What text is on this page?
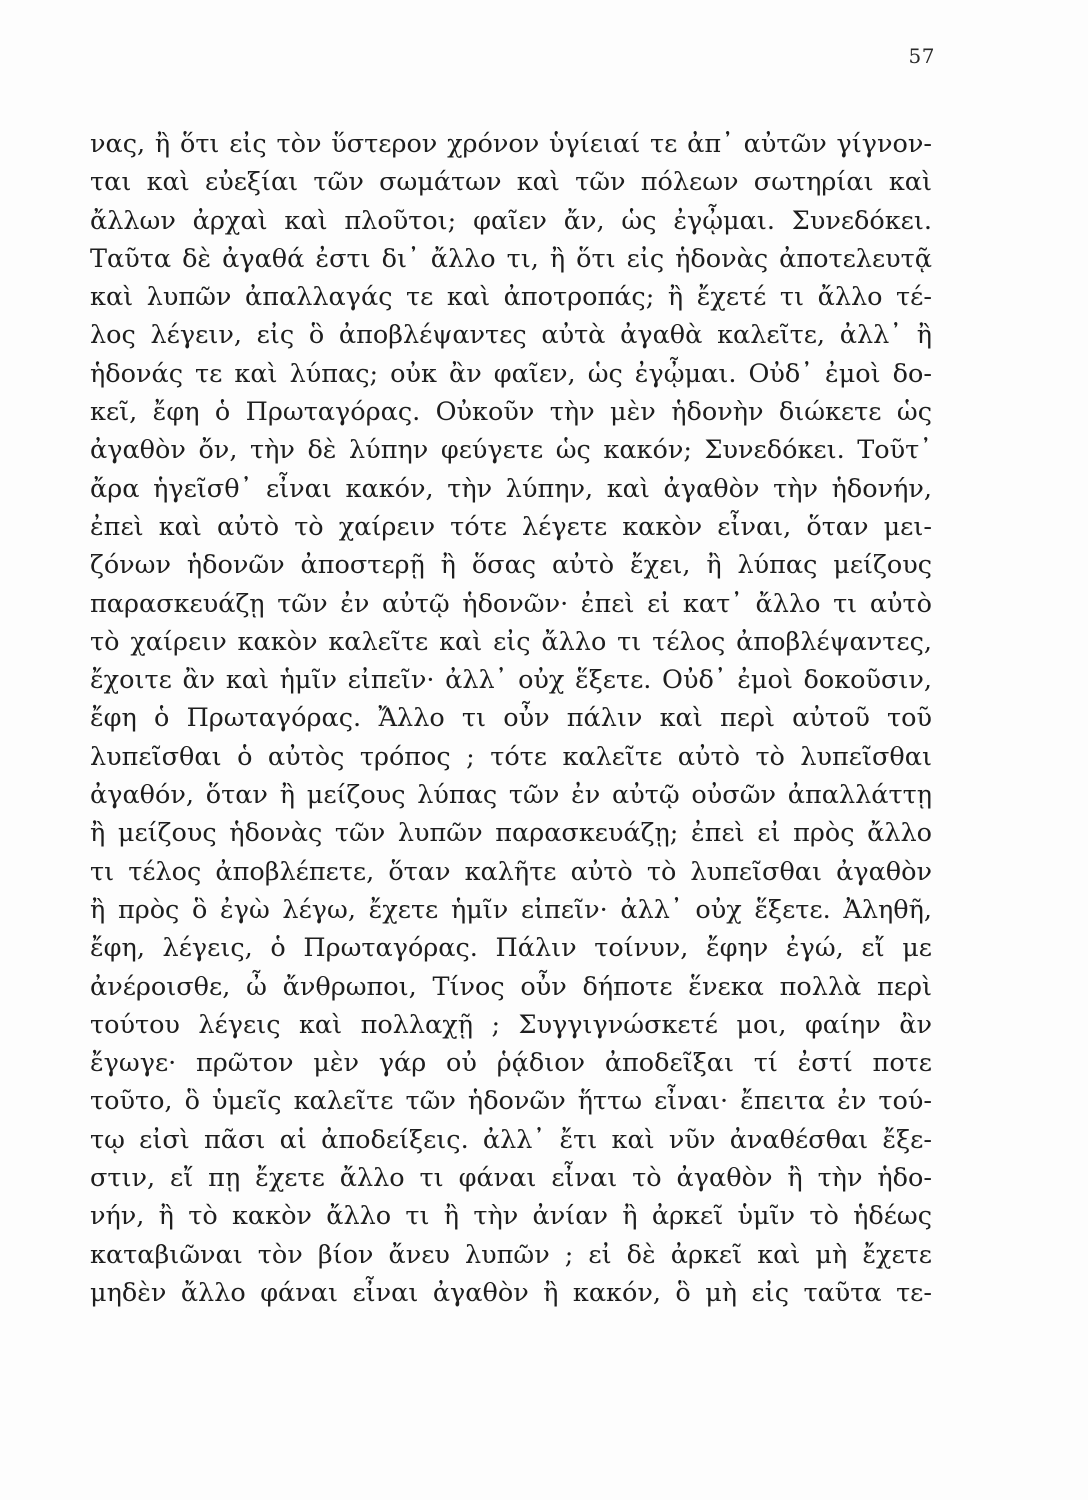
57
νας, ἢ ὅτι εἰς τὸν ὕστερον χρόνον ὑγίειαί τε ἀπ᾽ αὐτῶν γίγνον-
ται καὶ εὐεξίαι τῶν σωμάτων καὶ τῶν πόλεων σωτηρίαι καὶ
ἄλλων ἀρχαὶ καὶ πλοῦτοι; φαῖεν ἄν, ὡς ἐγᾦμαι. Συνεδόκει.
Ταῦτα δὲ ἀγαθά ἐστι δι᾽ ἄλλο τι, ἢ ὅτι εἰς ἡδονὰς ἀποτελευτᾷ
καὶ λυπῶν ἀπαλλαγάς τε καὶ ἀποτροπάς; ἢ ἔχετέ τι ἄλλο τέ-
λος λέγειν, εἰς ὃ ἀποβλέψαντες αὐτὰ ἀγαθὰ καλεῖτε, ἀλλ᾽ ἢ
ἡδονάς τε καὶ λύπας; οὐκ ἂν φαῖεν, ὡς ἐγᾦμαι. Οὐδ᾽ ἐμοὶ δο-
κεῖ, ἔφη ὁ Πρωταγόρας. Οὐκοῦν τὴν μὲν ἡδονὴν διώκετε ὡς
ἀγαθὸν ὄν, τὴν δὲ λύπην φεύγετε ὡς κακόν; Συνεδόκει. Τοῦτ᾽
ἄρα ἡγεῖσθ᾽ εἶναι κακόν, τὴν λύπην, καὶ ἀγαθὸν τὴν ἡδονήν,
ἐπεὶ καὶ αὐτὸ τὸ χαίρειν τότε λέγετε κακὸν εἶναι, ὅταν μει-
ζόνων ἡδονῶν ἀποστερῇ ἢ ὅσας αὐτὸ ἔχει, ἢ λύπας μείζους
παρασκευάζῃ τῶν ἐν αὐτῷ ἡδονῶν· ἐπεὶ εἰ κατ᾽ ἄλλο τι αὐτὸ
τὸ χαίρειν κακὸν καλεῖτε καὶ εἰς ἄλλο τι τέλος ἀποβλέψαντες,
ἔχοιτε ἂν καὶ ἡμῖν εἰπεῖν· ἀλλ᾽ οὐχ ἕξετε. Οὐδ᾽ ἐμοὶ δοκοῦσιν,
ἔφη ὁ Πρωταγόρας. Ἄλλο τι οὖν πάλιν καὶ περὶ αὐτοῦ τοῦ
λυπεῖσθαι ὁ αὐτὸς τρόπος ; τότε καλεῖτε αὐτὸ τὸ λυπεῖσθαι
ἀγαθόν, ὅταν ἢ μείζους λύπας τῶν ἐν αὐτῷ οὐσῶν ἀπαλλάττῃ
ἢ μείζους ἡδονὰς τῶν λυπῶν παρασκευάζῃ; ἐπεὶ εἰ πρὸς ἄλλο
τι τέλος ἀποβλέπετε, ὅταν καλῆτε αὐτὸ τὸ λυπεῖσθαι ἀγαθὸν
ἢ πρὸς ὃ ἐγὼ λέγω, ἔχετε ἡμῖν εἰπεῖν· ἀλλ᾽ οὐχ ἕξετε. Ἀληθῆ,
ἔφη, λέγεις, ὁ Πρωταγόρας. Πάλιν τοίνυν, ἔφην ἐγώ, εἴ με
ἀνέροισθε, ὦ ἄνθρωποι, Τίνος οὖν δήποτε ἕνεκα πολλὰ περὶ
τούτου λέγεις καὶ πολλαχῇ ; Συγγιγνώσκετέ μοι, φαίην ἂν
ἔγωγε· πρῶτον μὲν γάρ οὐ ῥᾴδιον ἀποδεῖξαι τί ἐστί ποτε
τοῦτο, ὃ ὑμεῖς καλεῖτε τῶν ἡδονῶν ἥττω εἶναι· ἔπειτα ἐν τού-
τῳ εἰσὶ πᾶσι αἱ ἀποδείξεις. ἀλλ᾽ ἔτι καὶ νῦν ἀναθέσθαι ἔξε-
στιν, εἴ πῃ ἔχετε ἄλλο τι φάναι εἶναι τὸ ἀγαθὸν ἢ τὴν ἡδο-
νήν, ἢ τὸ κακὸν ἄλλο τι ἢ τὴν ἀνίαν ἢ ἀρκεῖ ὑμῖν τὸ ἡδέως
καταβιῶναι τὸν βίον ἄνευ λυπῶν ; εἰ δὲ ἀρκεῖ καὶ μὴ ἔχετε
μηδὲν ἄλλο φάναι εἶναι ἀγαθὸν ἢ κακόν, ὃ μὴ εἰς ταῦτα τε-
